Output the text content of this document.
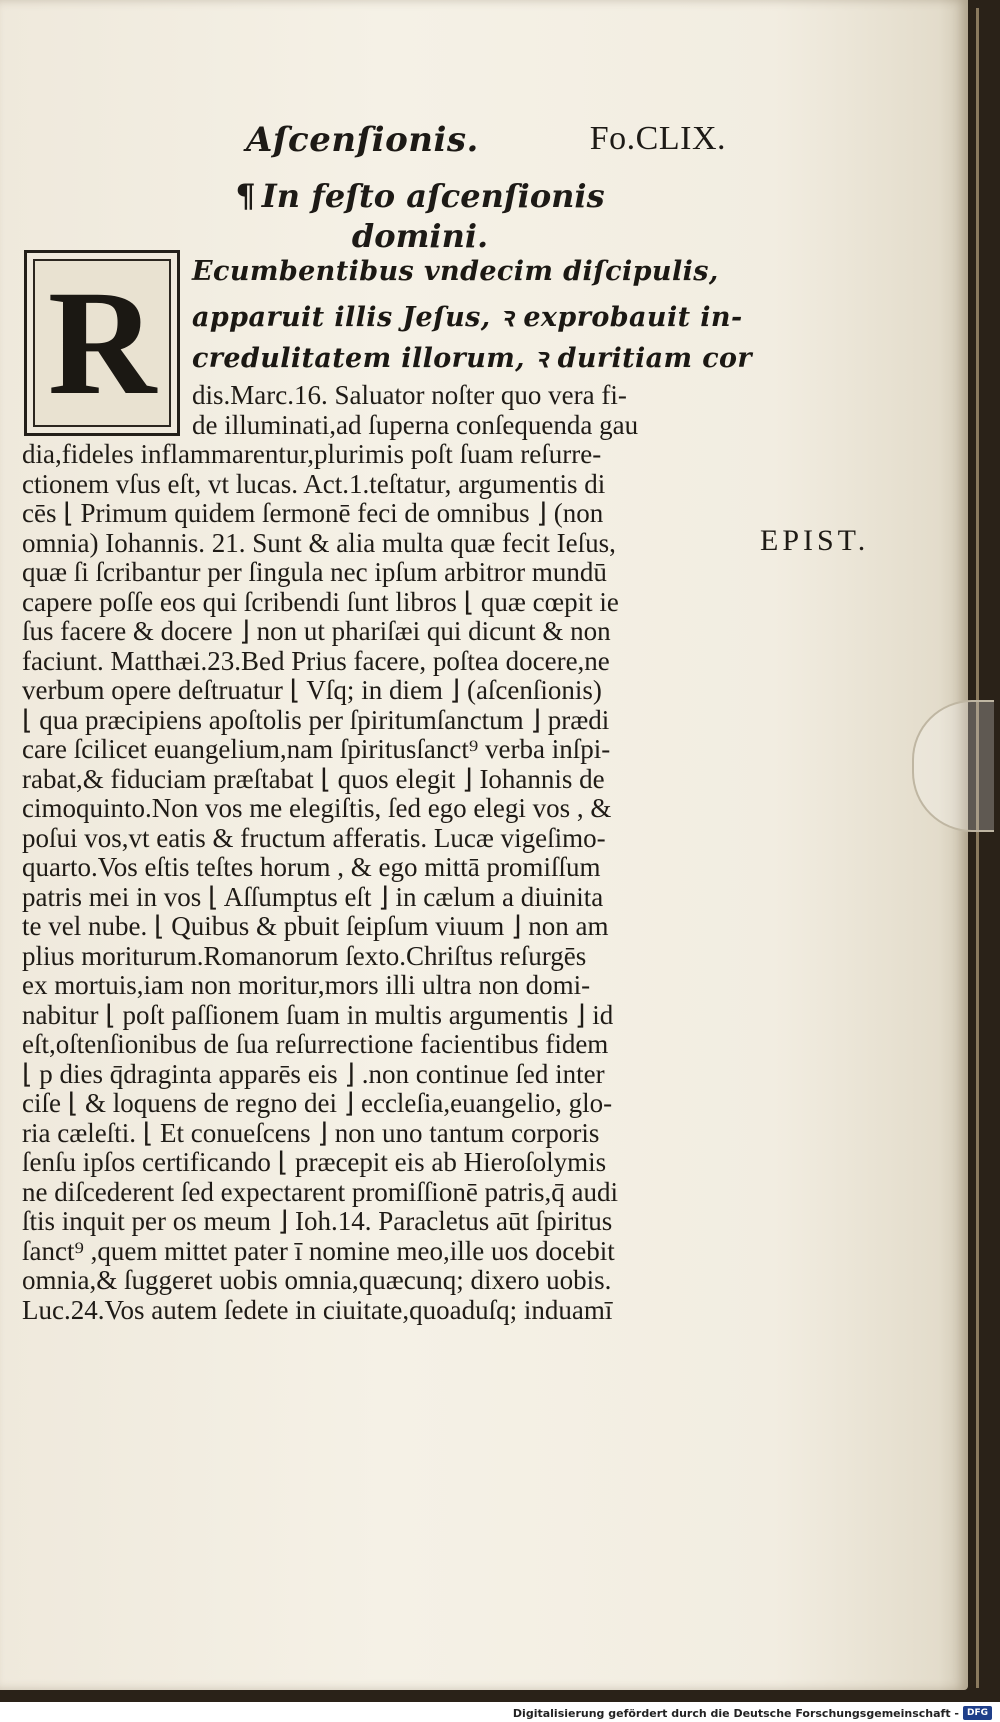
Aſcenſionis.	Fo.CLIX.
¶ In feſto aſcenſionis
domini.
R Ecumbentibus vndecim diſcipulis,
apparuit illis Jeſus, ꝛ exprobauit in-
credulitatem illorum, ꝛ duritiam cor
dis.Marc.16. Saluator noſter quo vera fi-
de illuminati,ad ſuperna conſequenda gau
dia,fideles inflammarentur,plurimis poſt ſuam reſurre-
ctionem vſus eſt, vt lucas. Act.1.teſtatur, argumentis di
cēs ⌊ Primum quidem ſermonē feci de omnibus ⌋ (non
omnia) Iohannis. 21. Sunt & alia multa quæ fecit Ieſus,
quæ ſi ſcribantur per ſingula nec ipſum arbitror mundū
capere poſſe eos qui ſcribendi ſunt libros ⌊ quæ cœpit ie
ſus facere & docere ⌋ non ut phariſæi qui dicunt & non
faciunt. Matthæi.23.Bed Prius facere, poſtea docere,ne
verbum opere deſtruatur ⌊ Vſq; in diem ⌋ (aſcenſionis)
⌊ qua præcipiens apoſtolis per ſpiritumſanctum ⌋ prædi
care ſcilicet euangelium,nam ſpiritusſanct⁹ verba inſpi-
rabat,& fiduciam præſtabat ⌊ quos elegit ⌋ Iohannis de
cimoquinto.Non vos me elegiſtis, ſed ego elegi vos , &
poſui vos,vt eatis & fructum afferatis. Lucæ vigeſimo-
quarto.Vos eſtis teſtes horum , & ego mittā promiſſum
patris mei in vos ⌊ Aſſumptus eſt ⌋ in cælum a diuinita
te vel nube. ⌊ Quibus & pbuit ſeipſum viuum ⌋ non am
plius moriturum.Romanorum ſexto.Chriſtus reſurgēs
ex mortuis,iam non moritur,mors illi ultra non domi-
nabitur ⌊ poſt paſſionem ſuam in multis argumentis ⌋ id
eſt,oſtenſionibus de ſua reſurrectione facientibus fidem
⌊ p dies q̄draginta apparēs eis ⌋ .non continue ſed inter
ciſe ⌊ & loquens de regno dei ⌋ eccleſia,euangelio, glo-
ria cæleſti. ⌊ Et conueſcens ⌋ non uno tantum corporis
ſenſu ipſos certificando ⌊ præcepit eis ab Hieroſolymis
ne diſcederent ſed expectarent promiſſionē patris,q̄ audi
ſtis inquit per os meum ⌋ Ioh.14. Paracletus aūt ſpiritus
ſanct⁹ ,quem mittet pater ī nomine meo,ille uos docebit
omnia,& ſuggeret uobis omnia,quæcunq; dixero uobis.
Luc.24.Vos autem ſedete in ciuitate,quoaduſq; induamī
EPIST.
Digitalisierung gefördert durch die Deutsche Forschungsgemeinschaft - DFG
